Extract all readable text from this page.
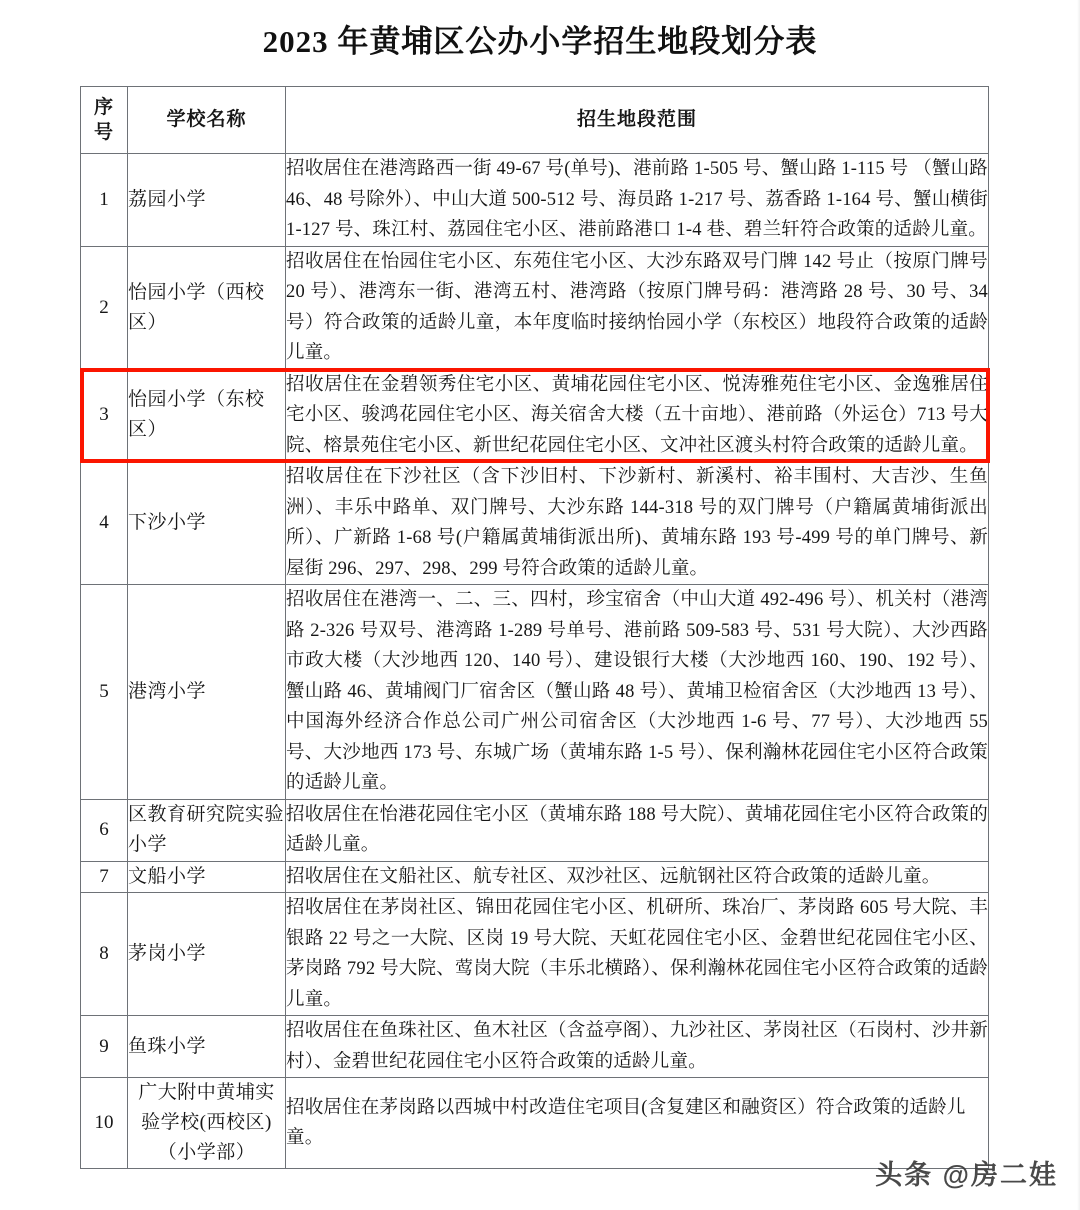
2023 年黄埔区公办小学招生地段划分表
序号	学校名称	招生地段范围
1	荔园小学	招收居住在港湾路西一街 49-67 号(单号)、港前路 1-505 号、蟹山路 1-115 号 （蟹山路 46、48 号除外）、中山大道 500-512 号、海员路 1-217 号、荔香路 1-164 号、蟹山横街 1-127 号、珠江村、荔园住宅小区、港前路港口 1-4 巷、碧兰轩符合政策的适龄儿童。
2	怡园小学（西校区）	招收居住在怡园住宅小区、东苑住宅小区、大沙东路双号门牌 142 号止（按原门牌号 20 号）、港湾东一街、港湾五村、港湾路（按原门牌号码：港湾路 28 号、30 号、34 号）符合政策的适龄儿童，本年度临时接纳怡园小学（东校区）地段符合政策的适龄儿童。
3	怡园小学（东校区）	招收居住在金碧领秀住宅小区、黄埔花园住宅小区、悦涛雅苑住宅小区、金逸雅居住宅小区、骏鸿花园住宅小区、海关宿舍大楼（五十亩地）、港前路（外运仓）713 号大院、榕景苑住宅小区、新世纪花园住宅小区、文冲社区渡头村符合政策的适龄儿童。
4	下沙小学	招收居住在下沙社区（含下沙旧村、下沙新村、新溪村、裕丰围村、大吉沙、生鱼洲）、丰乐中路单、双门牌号、大沙东路 144-318 号的双门牌号（户籍属黄埔街派出所）、广新路 1-68 号(户籍属黄埔街派出所)、黄埔东路 193 号-499 号的单门牌号、新屋街 296、297、298、299 号符合政策的适龄儿童。
5	港湾小学	招收居住在港湾一、二、三、四村，珍宝宿舍（中山大道 492-496 号）、机关村（港湾路 2-326 号双号、港湾路 1-289 号单号、港前路 509-583 号、531 号大院）、大沙西路市政大楼（大沙地西 120、140 号）、建设银行大楼（大沙地西 160、190、192 号）、蟹山路 46、黄埔阀门厂宿舍区（蟹山路 48 号）、黄埔卫检宿舍区（大沙地西 13 号）、中国海外经济合作总公司广州公司宿舍区（大沙地西 1-6 号、77 号）、大沙地西 55 号、大沙地西 173 号、东城广场（黄埔东路 1-5 号）、保利瀚林花园住宅小区符合政策的适龄儿童。
6	区教育研究院实验小学	招收居住在怡港花园住宅小区（黄埔东路 188 号大院）、黄埔花园住宅小区符合政策的适龄儿童。
7	文船小学	招收居住在文船社区、航专社区、双沙社区、远航钢社区符合政策的适龄儿童。
8	茅岗小学	招收居住在茅岗社区、锦田花园住宅小区、机研所、珠冶厂、茅岗路 605 号大院、丰银路 22 号之一大院、区岗 19 号大院、天虹花园住宅小区、金碧世纪花园住宅小区、茅岗路 792 号大院、莺岗大院（丰乐北横路）、保利瀚林花园住宅小区符合政策的适龄儿童。
9	鱼珠小学	招收居住在鱼珠社区、鱼木社区（含益亭阁）、九沙社区、茅岗社区（石岗村、沙井新村）、金碧世纪花园住宅小区符合政策的适龄儿童。
10	广大附中黄埔实验学校(西校区)（小学部）	招收居住在茅岗路以西城中村改造住宅项目(含复建区和融资区）符合政策的适龄儿童。
头条 @房二娃
